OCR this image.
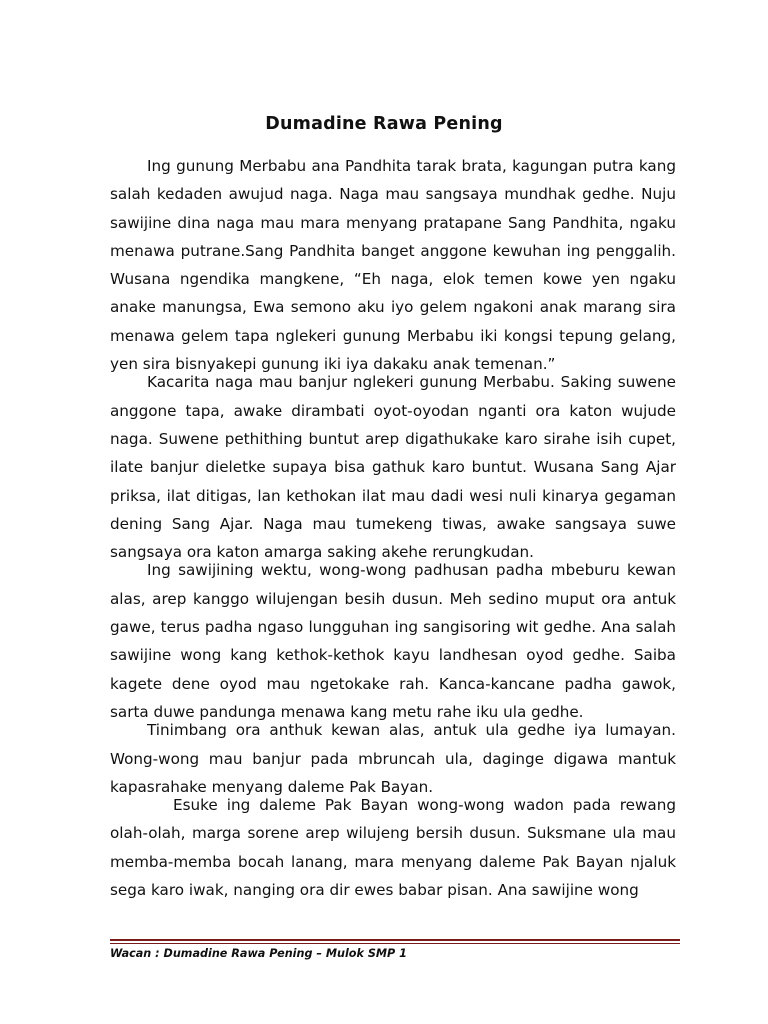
Dumadine Rawa Pening

Ing gunung Merbabu ana Pandhita tarak brata, kagungan putra kang salah kedaden awujud naga. Naga mau sangsaya mundhak gedhe. Nuju sawijine dina naga mau mara menyang pratapane Sang Pandhita, ngaku menawa putrane.Sang Pandhita banget anggone kewuhan ing penggalih. Wusana ngendika mangkene, “Eh naga, elok temen kowe yen ngaku anake manungsa, Ewa semono aku iyo gelem ngakoni anak marang sira menawa gelem tapa nglekeri gunung Merbabu iki kongsi tepung gelang, yen sira bisnyakepi gunung iki iya dakaku anak temenan.”

Kacarita naga mau banjur nglekeri gunung Merbabu. Saking suwene anggone tapa, awake dirambati oyot-oyodan nganti ora katon wujude naga. Suwene pethithing buntut arep digathukake karo sirahe isih cupet, ilate banjur dieletke supaya bisa gathuk karo buntut. Wusana Sang Ajar priksa, ilat ditigas, lan kethokan ilat mau dadi wesi nuli kinarya gegaman dening Sang Ajar. Naga mau tumekeng tiwas, awake sangsaya suwe sangsaya ora katon amarga saking akehe rerungkudan.

Ing sawijining wektu, wong-wong padhusan padha mbeburu kewan alas, arep kanggo wilujengan besih dusun. Meh sedino muput ora antuk gawe, terus padha ngaso lungguhan ing sangisoring wit gedhe. Ana salah sawijine wong kang kethok-kethok kayu landhesan oyod gedhe. Saiba kagete dene oyod mau ngetokake rah. Kanca-kancane padha gawok, sarta duwe pandunga menawa kang metu rahe iku ula gedhe.

Tinimbang ora anthuk kewan alas, antuk ula gedhe iya lumayan. Wong-wong mau banjur pada mbruncah ula, daginge digawa mantuk kapasrahake menyang daleme Pak Bayan.

Esuke ing daleme Pak Bayan wong-wong wadon pada rewang olah-olah, marga sorene arep wilujeng bersih dusun. Suksmane ula mau memba-memba bocah lanang, mara menyang daleme Pak Bayan njaluk sega karo iwak, nanging ora dir ewes babar pisan. Ana sawijine wong

Wacan : Dumadine Rawa Pening – Mulok SMP 1
